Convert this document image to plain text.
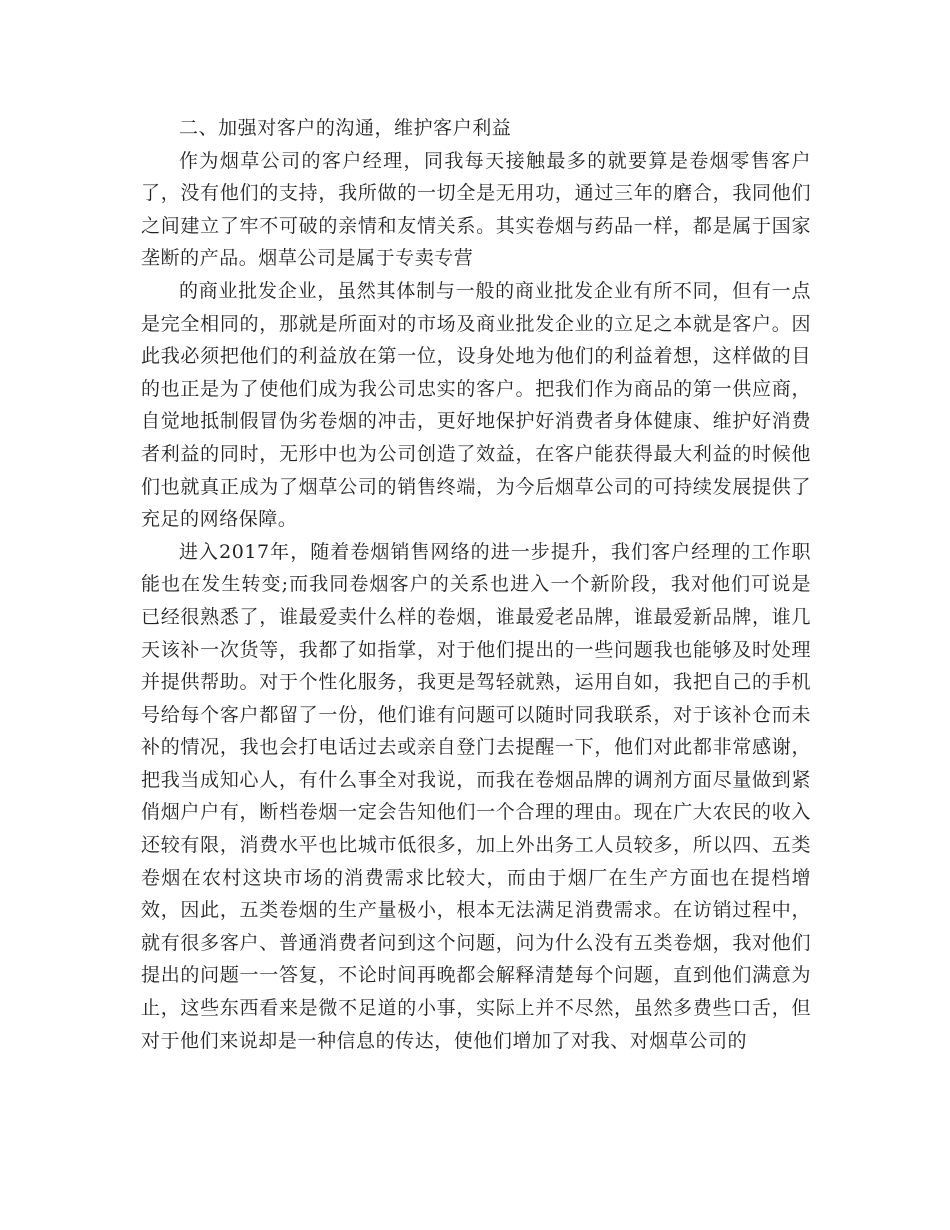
二、加强对客户的沟通，维护客户利益

作为烟草公司的客户经理，同我每天接触最多的就要算是卷烟零售客户了，没有他们的支持，我所做的一切全是无用功，通过三年的磨合，我同他们之间建立了牢不可破的亲情和友情关系。其实卷烟与药品一样，都是属于国家垄断的产品。烟草公司是属于专卖专营

的商业批发企业，虽然其体制与一般的商业批发企业有所不同，但有一点是完全相同的，那就是所面对的市场及商业批发企业的立足之本就是客户。因此我必须把他们的利益放在第一位，设身处地为他们的利益着想，这样做的目的也正是为了使他们成为我公司忠实的客户。把我们作为商品的第一供应商，自觉地抵制假冒伪劣卷烟的冲击，更好地保护好消费者身体健康、维护好消费者利益的同时，无形中也为公司创造了效益，在客户能获得最大利益的时候他们也就真正成为了烟草公司的销售终端，为今后烟草公司的可持续发展提供了充足的网络保障。

进入2017年，随着卷烟销售网络的进一步提升，我们客户经理的工作职能也在发生转变;而我同卷烟客户的关系也进入一个新阶段，我对他们可说是已经很熟悉了，谁最爱卖什么样的卷烟，谁最爱老品牌，谁最爱新品牌，谁几天该补一次货等，我都了如指掌，对于他们提出的一些问题我也能够及时处理并提供帮助。对于个性化服务，我更是驾轻就熟，运用自如，我把自己的手机号给每个客户都留了一份，他们谁有问题可以随时同我联系，对于该补仓而未补的情况，我也会打电话过去或亲自登门去提醒一下，他们对此都非常感谢，把我当成知心人，有什么事全对我说，而我在卷烟品牌的调剂方面尽量做到紧俏烟户户有，断档卷烟一定会告知他们一个合理的理由。现在广大农民的收入还较有限，消费水平也比城市低很多，加上外出务工人员较多，所以四、五类卷烟在农村这块市场的消费需求比较大，而由于烟厂在生产方面也在提档增效，因此，五类卷烟的生产量极小，根本无法满足消费需求。在访销过程中，就有很多客户、普通消费者问到这个问题，问为什么没有五类卷烟，我对他们提出的问题一一答复，不论时间再晚都会解释清楚每个问题，直到他们满意为止，这些东西看来是微不足道的小事，实际上并不尽然，虽然多费些口舌，但对于他们来说却是一种信息的传达，使他们增加了对我、对烟草公司的
